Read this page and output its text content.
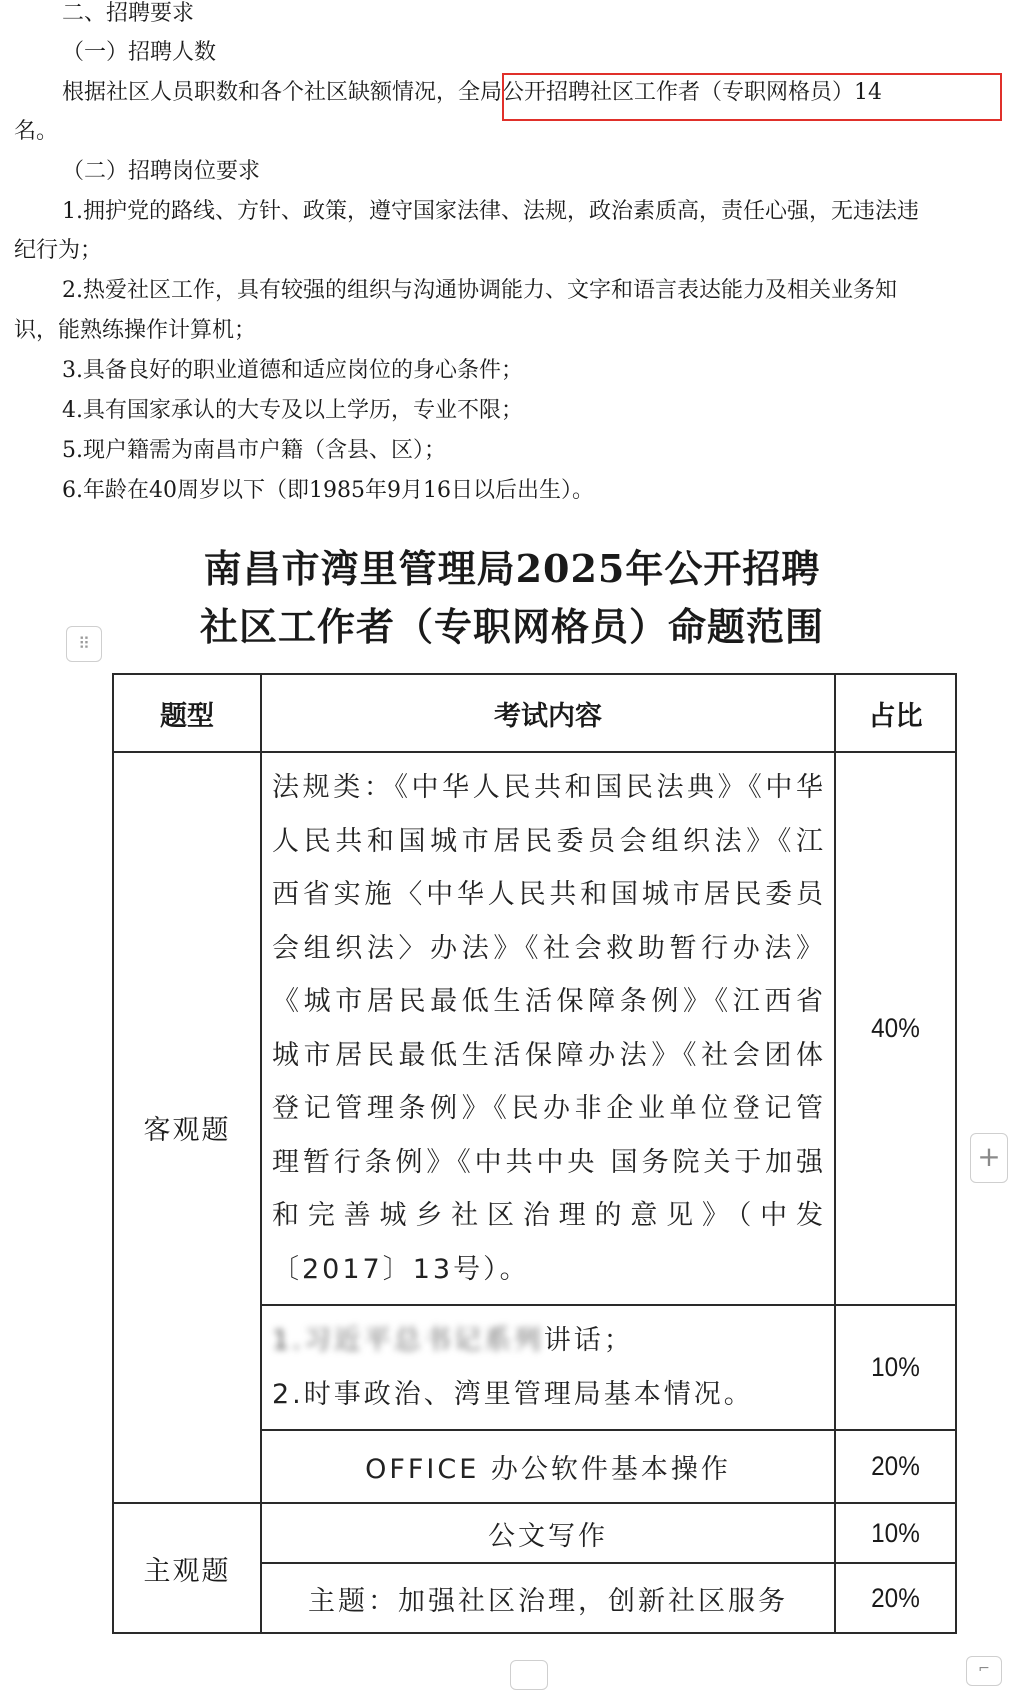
二、招聘要求
（一）招聘人数
根据社区人员职数和各个社区缺额情况，全局公开招聘社区工作者（专职网格员）14
名。
（二）招聘岗位要求
1.拥护党的路线、方针、政策，遵守国家法律、法规，政治素质高，责任心强，无违法违
纪行为；
2.热爱社区工作，具有较强的组织与沟通协调能力、文字和语言表达能力及相关业务知
识，能熟练操作计算机；
3.具备良好的职业道德和适应岗位的身心条件；
4.具有国家承认的大专及以上学历，专业不限；
5.现户籍需为南昌市户籍（含县、区）；
6.年龄在40周岁以下（即1985年9月16日以后出生）。
南昌市湾里管理局2025年公开招聘
社区工作者（专职网格员）命题范围
⠿
+
⌐
题型	考试内容	占比
客观题	法规类：《中华人民共和国民法典》《中华人民共和国城市居民委员会组织法》《江西省实施〈中华人民共和国城市居民委员会组织法〉办法》《社会救助暂行办法》《城市居民最低生活保障条例》《江西省城市居民最低生活保障办法》《社会团体登记管理条例》《民办非企业单位登记管理暂行条例》《中共中央 国务院关于加强和完善城乡社区治理的意见》（中发〔2017〕13号）。	40%

	1.习近平总书记系列讲话；
2.时事政治、湾里管理局基本情况。	10%
	OFFICE 办公软件基本操作	20%
主观题	公文写作	10%
	主题：加强社区治理，创新社区服务	20%
